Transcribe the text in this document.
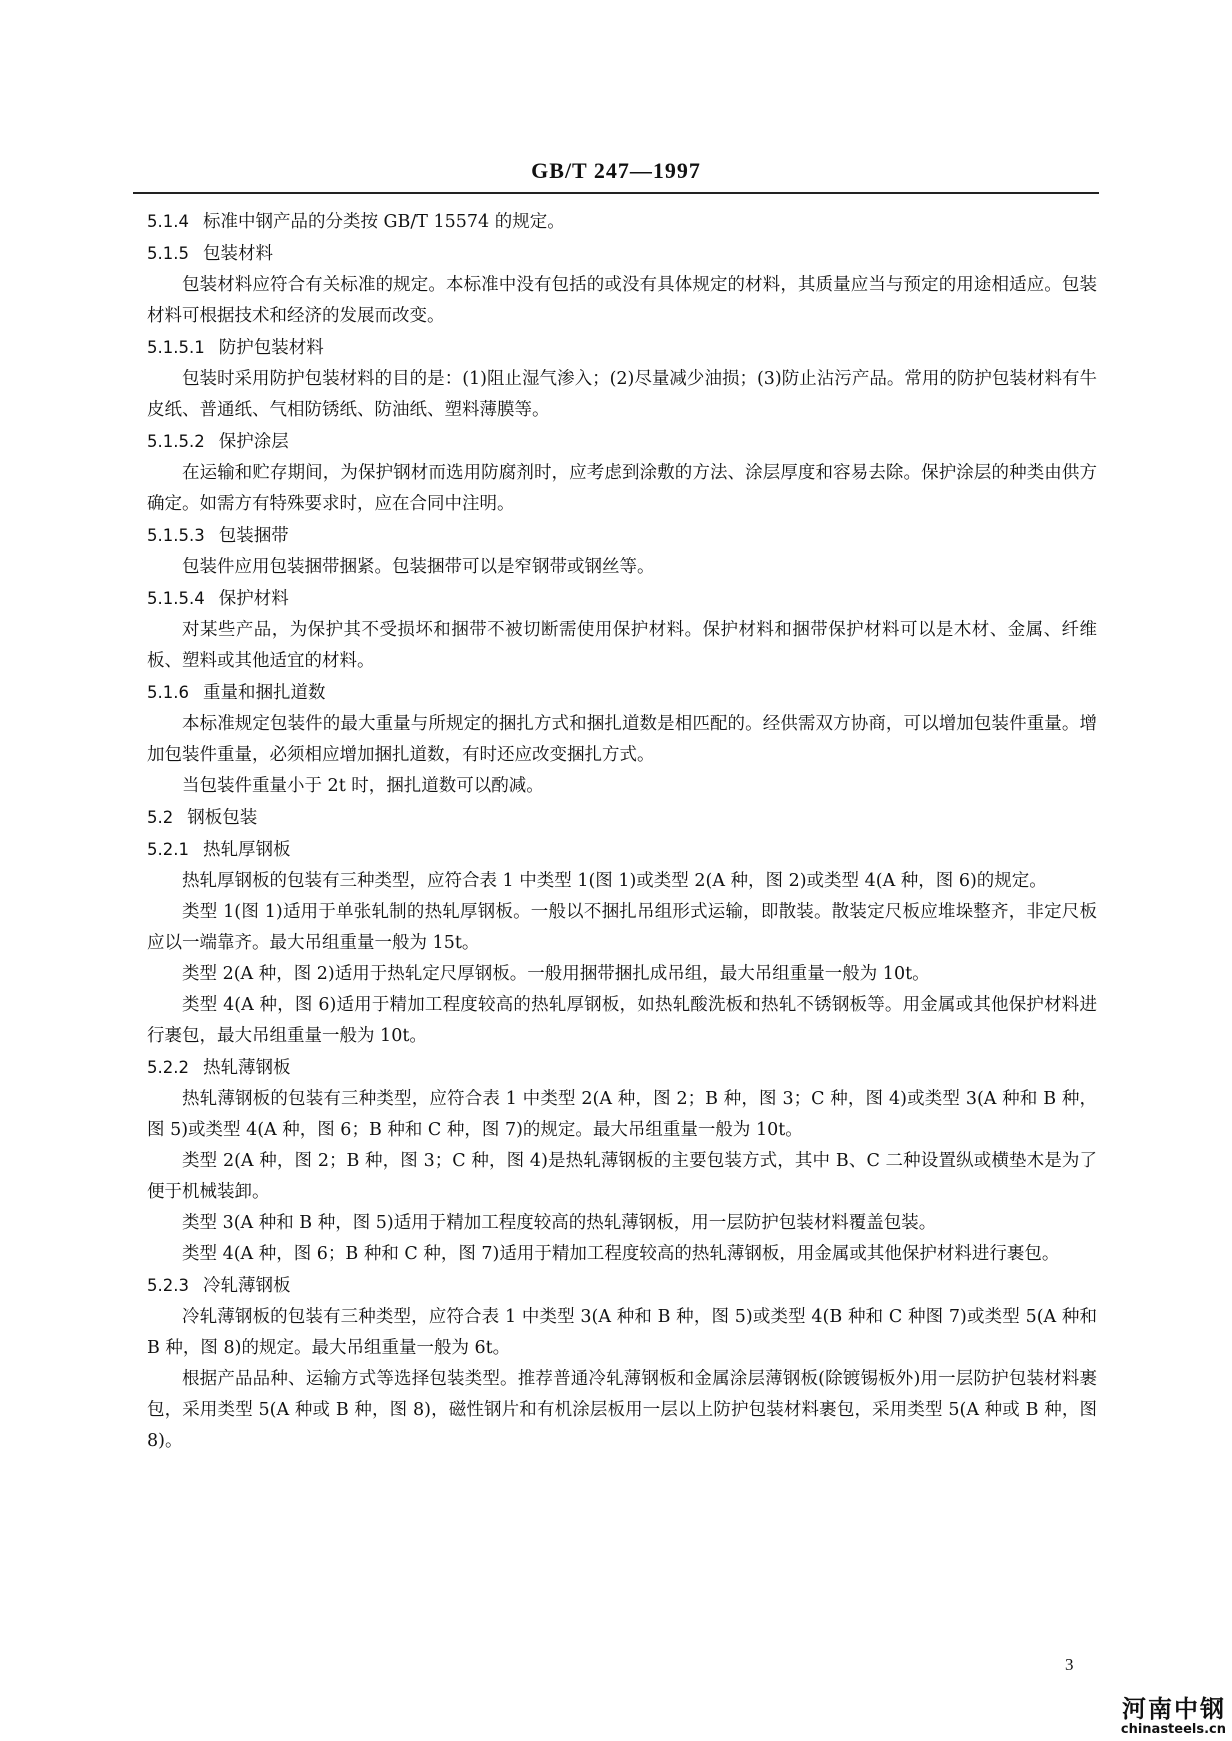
GB/T 247—1997

5.1.4 标准中钢产品的分类按 GB/T 15574 的规定。

5.1.5 包装材料

包装材料应符合有关标准的规定。本标准中没有包括的或没有具体规定的材料，其质量应当与预定的用途相适应。包装材料可根据技术和经济的发展而改变。

5.1.5.1 防护包装材料

包装时采用防护包装材料的目的是：(1)阻止湿气渗入；(2)尽量减少油损；(3)防止沾污产品。常用的防护包装材料有牛皮纸、普通纸、气相防锈纸、防油纸、塑料薄膜等。

5.1.5.2 保护涂层

在运输和贮存期间，为保护钢材而选用防腐剂时，应考虑到涂敷的方法、涂层厚度和容易去除。保护涂层的种类由供方确定。如需方有特殊要求时，应在合同中注明。

5.1.5.3 包装捆带

包装件应用包装捆带捆紧。包装捆带可以是窄钢带或钢丝等。

5.1.5.4 保护材料

对某些产品，为保护其不受损坏和捆带不被切断需使用保护材料。保护材料和捆带保护材料可以是木材、金属、纤维板、塑料或其他适宜的材料。

5.1.6 重量和捆扎道数

本标准规定包装件的最大重量与所规定的捆扎方式和捆扎道数是相匹配的。经供需双方协商，可以增加包装件重量。增加包装件重量，必须相应增加捆扎道数，有时还应改变捆扎方式。

当包装件重量小于 2t 时，捆扎道数可以酌减。

5.2 钢板包装

5.2.1 热轧厚钢板

热轧厚钢板的包装有三种类型，应符合表 1 中类型 1(图 1)或类型 2(A 种，图 2)或类型 4(A 种，图 6)的规定。

类型 1(图 1)适用于单张轧制的热轧厚钢板。一般以不捆扎吊组形式运输，即散装。散装定尺板应堆垛整齐，非定尺板应以一端靠齐。最大吊组重量一般为 15t。

类型 2(A 种，图 2)适用于热轧定尺厚钢板。一般用捆带捆扎成吊组，最大吊组重量一般为 10t。

类型 4(A 种，图 6)适用于精加工程度较高的热轧厚钢板，如热轧酸洗板和热轧不锈钢板等。用金属或其他保护材料进行裹包，最大吊组重量一般为 10t。

5.2.2 热轧薄钢板

热轧薄钢板的包装有三种类型，应符合表 1 中类型 2(A 种，图 2；B 种，图 3；C 种，图 4)或类型 3(A 种和 B 种，图 5)或类型 4(A 种，图 6；B 种和 C 种，图 7)的规定。最大吊组重量一般为 10t。

类型 2(A 种，图 2；B 种，图 3；C 种，图 4)是热轧薄钢板的主要包装方式，其中 B、C 二种设置纵或横垫木是为了便于机械装卸。

类型 3(A 种和 B 种，图 5)适用于精加工程度较高的热轧薄钢板，用一层防护包装材料覆盖包装。

类型 4(A 种，图 6；B 种和 C 种，图 7)适用于精加工程度较高的热轧薄钢板，用金属或其他保护材料进行裹包。

5.2.3 冷轧薄钢板

冷轧薄钢板的包装有三种类型，应符合表 1 中类型 3(A 种和 B 种，图 5)或类型 4(B 种和 C 种图 7)或类型 5(A 种和 B 种，图 8)的规定。最大吊组重量一般为 6t。

根据产品品种、运输方式等选择包装类型。推荐普通冷轧薄钢板和金属涂层薄钢板(除镀锡板外)用一层防护包装材料裹包，采用类型 5(A 种或 B 种，图 8)，磁性钢片和有机涂层板用一层以上防护包装材料裹包，采用类型 5(A 种或 B 种，图 8)。

3
河南中钢
chinasteels.cn
